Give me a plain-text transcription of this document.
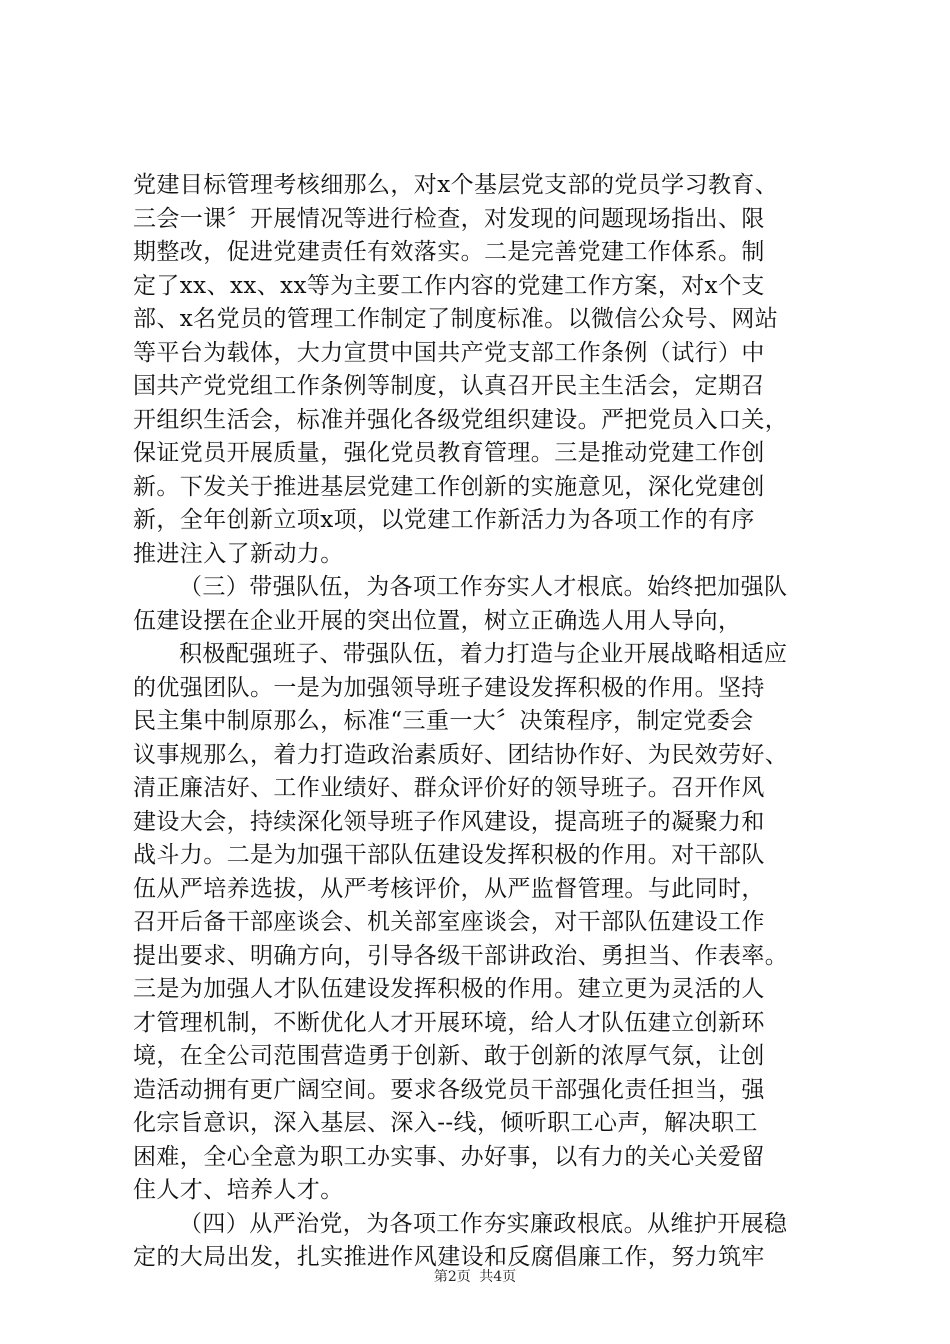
党建目标管理考核细那么，对x个基层党支部的党员学习教育、
三会一课〞开展情况等进行检查，对发现的问题现场指出、限
期整改，促进党建责任有效落实。二是完善党建工作体系。制
定了xx、xx、xx等为主要工作内容的党建工作方案，对x个支
部、x名党员的管理工作制定了制度标准。以微信公众号、网站
等平台为载体，大力宣贯中国共产党支部工作条例（试行）中
国共产党党组工作条例等制度，认真召开民主生活会，定期召
开组织生活会，标准并强化各级党组织建设。严把党员入口关，
保证党员开展质量，强化党员教育管理。三是推动党建工作创
新。下发关于推进基层党建工作创新的实施意见，深化党建创
新，全年创新立项x项，以党建工作新活力为各项工作的有序
推进注入了新动力。
（三）带强队伍，为各项工作夯实人才根底。始终把加强队
伍建设摆在企业开展的突出位置，树立正确选人用人导向，
积极配强班子、带强队伍，着力打造与企业开展战略相适应
的优强团队。一是为加强领导班子建设发挥积极的作用。坚持
民主集中制原那么，标准“三重一大〞决策程序，制定党委会
议事规那么，着力打造政治素质好、团结协作好、为民效劳好、
清正廉洁好、工作业绩好、群众评价好的领导班子。召开作风
建设大会，持续深化领导班子作风建设，提高班子的凝聚力和
战斗力。二是为加强干部队伍建设发挥积极的作用。对干部队
伍从严培养选拔，从严考核评价，从严监督管理。与此同时，
召开后备干部座谈会、机关部室座谈会，对干部队伍建设工作
提出要求、明确方向，引导各级干部讲政治、勇担当、作表率。
三是为加强人才队伍建设发挥积极的作用。建立更为灵活的人
才管理机制，不断优化人才开展环境，给人才队伍建立创新环
境，在全公司范围营造勇于创新、敢于创新的浓厚气氛，让创
造活动拥有更广阔空间。要求各级党员干部强化责任担当，强
化宗旨意识，深入基层、深入--线，倾听职工心声，解决职工
困难，全心全意为职工办实事、办好事，以有力的关心关爱留
住人才、培养人才。
（四）从严治党，为各项工作夯实廉政根底。从维护开展稳
定的大局出发，扎实推进作风建设和反腐倡廉工作，努力筑牢
第2页 共4页
